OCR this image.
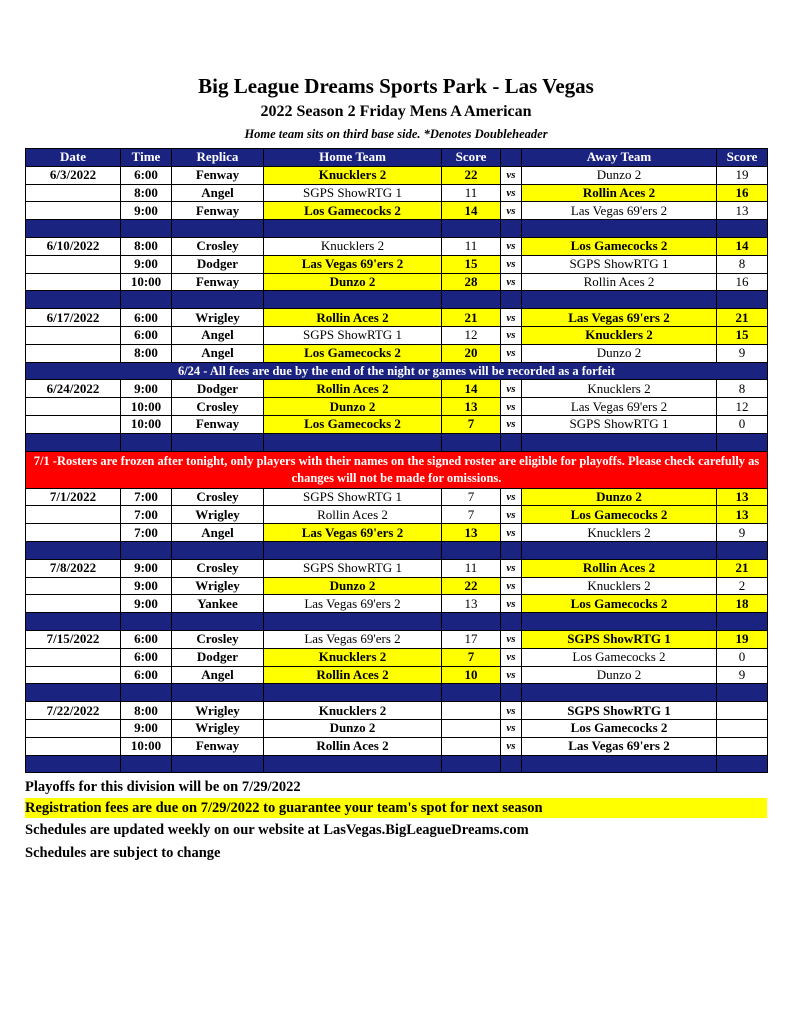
Big League Dreams Sports Park - Las Vegas
2022 Season 2 Friday Mens A American
Home team sits on third base side. *Denotes Doubleheader
Date	Time	Replica	Home Team	Score		Away Team	Score
6/3/2022	6:00	Fenway	Knucklers 2	22	vs	Dunzo 2	19
	8:00	Angel	SGPS ShowRTG 1	11	vs	Rollin Aces 2	16
	9:00	Fenway	Los Gamecocks 2	14	vs	Las Vegas 69'ers 2	13

6/10/2022	8:00	Crosley	Knucklers 2	11	vs	Los Gamecocks 2	14
	9:00	Dodger	Las Vegas 69'ers 2	15	vs	SGPS ShowRTG 1	8
	10:00	Fenway	Dunzo 2	28	vs	Rollin Aces 2	16

6/17/2022	6:00	Wrigley	Rollin Aces 2	21	vs	Las Vegas 69'ers 2	21
	6:00	Angel	SGPS ShowRTG 1	12	vs	Knucklers 2	15
	8:00	Angel	Los Gamecocks 2	20	vs	Dunzo 2	9
6/24 - All fees are due by the end of the night or games will be recorded as a forfeit							
6/24/2022	9:00	Dodger	Rollin Aces 2	14	vs	Knucklers 2	8
	10:00	Crosley	Dunzo 2	13	vs	Las Vegas 69'ers 2	12
	10:00	Fenway	Los Gamecocks 2	7	vs	SGPS ShowRTG 1	0

7/1 -Rosters are frozen after tonight, only players with their names on the signed roster are eligible for playoffs. Please check carefully as changes will not be made for omissions.							
7/1/2022	7:00	Crosley	SGPS ShowRTG 1	7	vs	Dunzo 2	13
	7:00	Wrigley	Rollin Aces 2	7	vs	Los Gamecocks 2	13
	7:00	Angel	Las Vegas 69'ers 2	13	vs	Knucklers 2	9

7/8/2022	9:00	Crosley	SGPS ShowRTG 1	11	vs	Rollin Aces 2	21
	9:00	Wrigley	Dunzo 2	22	vs	Knucklers 2	2
	9:00	Yankee	Las Vegas 69'ers 2	13	vs	Los Gamecocks 2	18

7/15/2022	6:00	Crosley	Las Vegas 69'ers 2	17	vs	SGPS ShowRTG 1	19
	6:00	Dodger	Knucklers 2	7	vs	Los Gamecocks 2	0
	6:00	Angel	Rollin Aces 2	10	vs	Dunzo 2	9

7/22/2022	8:00	Wrigley	Knucklers 2		vs	SGPS ShowRTG 1	
	9:00	Wrigley	Dunzo 2		vs	Los Gamecocks 2	
	10:00	Fenway	Rollin Aces 2		vs	Las Vegas 69'ers 2	

Playoffs for this division will be on 7/29/2022
Registration fees are due on 7/29/2022 to guarantee your team's spot for next season
Schedules are updated weekly on our website at LasVegas.BigLeagueDreams.com
Schedules are subject to change
